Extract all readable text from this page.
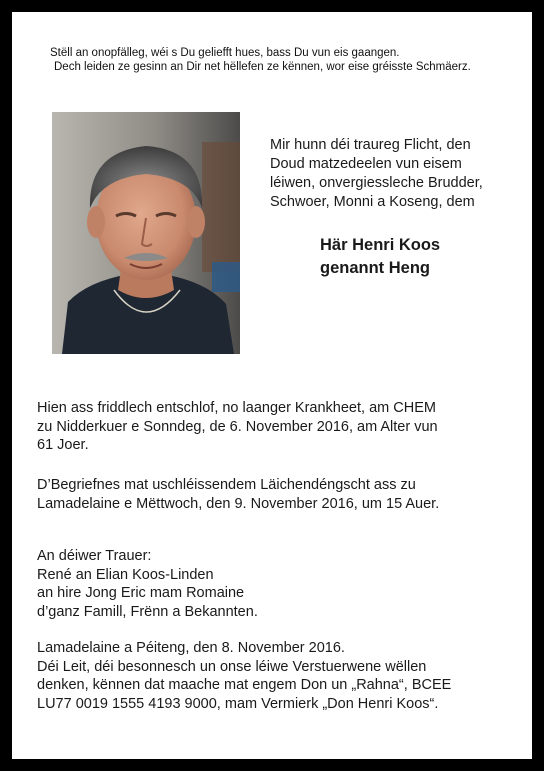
Stëll an onopfälleg, wéi s Du geliefft hues, bass Du vun eis gaangen.
Dech leiden ze gesinn an Dir net hëllefen ze kënnen, wor eise gréisste Schmäerz.
Mir hunn déi traureg Flicht, den
Doud matzedeelen vun eisem
léiwen, onvergiessleche Brudder,
Schwoer, Monni a Koseng, dem
Här Henri Koos
genannt Heng
Hien ass friddlech entschlof, no laanger Krankheet, am CHEM
zu Nidderkuer e Sonndeg, de 6. November 2016, am Alter vun
61 Joer.
D’Begriefnes mat uschléissendem Läichendéngscht ass zu
Lamadelaine e Mëttwoch, den 9. November 2016, um 15 Auer.
An déiwer Trauer:
René an Elian Koos-Linden
an hire Jong Eric mam Romaine
d’ganz Famill, Frënn a Bekannten.
Lamadelaine a Péiteng, den 8. November 2016.
Déi Leit, déi besonnesch un onse léiwe Verstuerwene wëllen
denken, kënnen dat maache mat engem Don un „Rahna“, BCEE
LU77 0019 1555 4193 9000, mam Vermierk „Don Henri Koos“.
